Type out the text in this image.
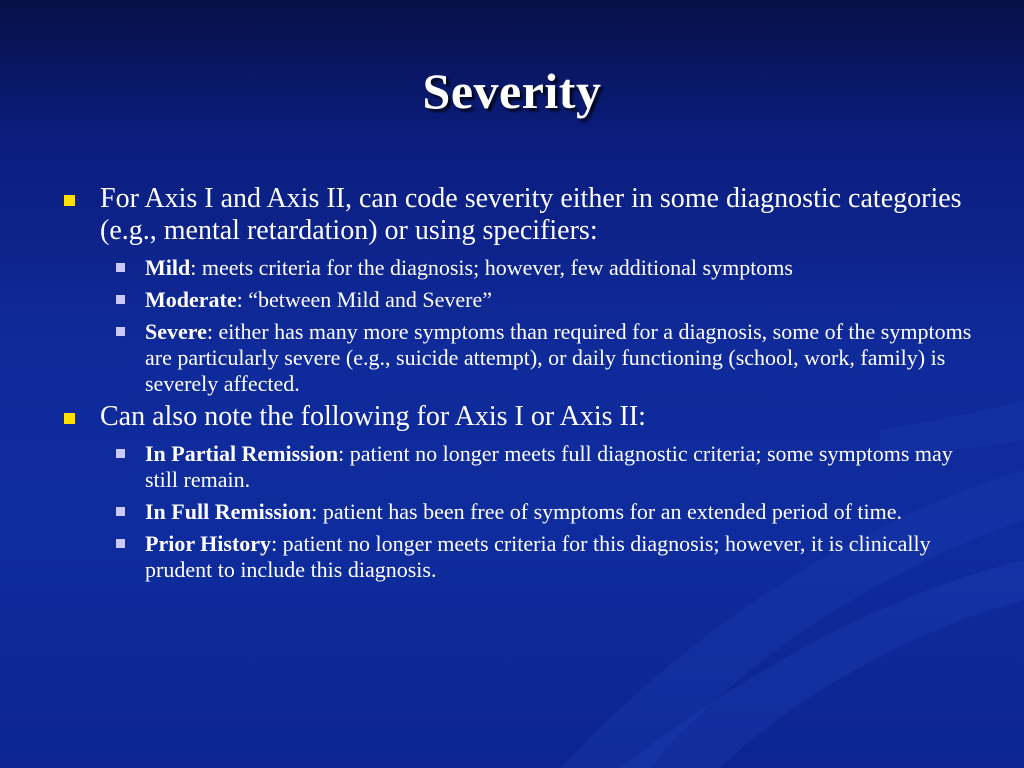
Severity
For Axis I and Axis II, can code severity either in some diagnostic categories (e.g., mental retardation) or using specifiers:
Mild: meets criteria for the diagnosis; however, few additional symptoms
Moderate: “between Mild and Severe”
Severe: either has many more symptoms than required for a diagnosis, some of the symptoms are particularly severe (e.g., suicide attempt), or daily functioning (school, work, family) is severely affected.
Can also note the following for Axis I or Axis II:
In Partial Remission: patient no longer meets full diagnostic criteria; some symptoms may still remain.
In Full Remission: patient has been free of symptoms for an extended period of time.
Prior History: patient no longer meets criteria for this diagnosis; however, it is clinically prudent to include this diagnosis.
